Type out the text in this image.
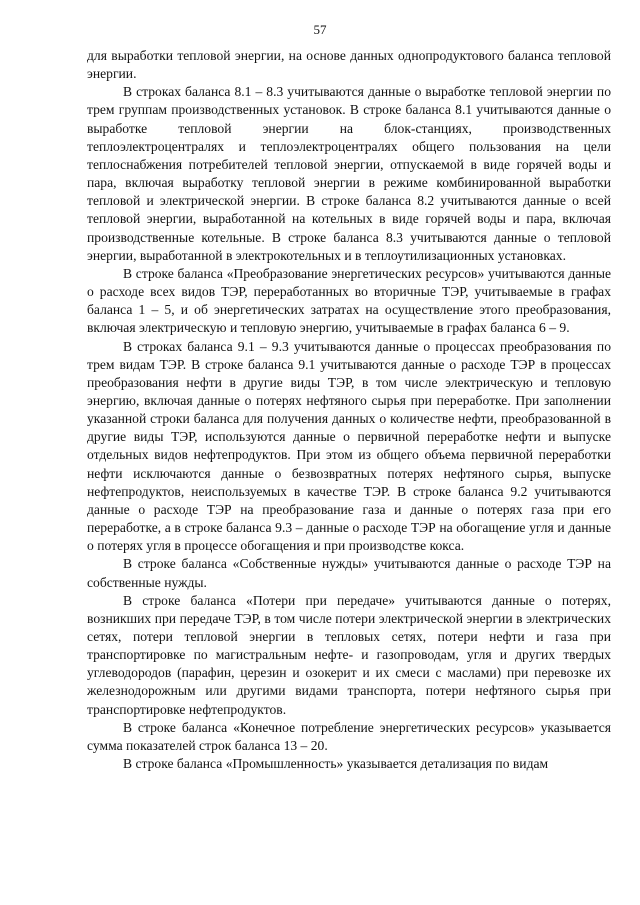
57

для выработки тепловой энергии, на основе данных однопродуктового баланса тепловой энергии.

В строках баланса 8.1 – 8.3 учитываются данные о выработке тепловой энергии по трем группам производственных установок. В строке баланса 8.1 учитываются данные о выработке тепловой энергии на блок-станциях, производственных теплоэлектроцентралях и теплоэлектроцентралях общего пользования на цели теплоснабжения потребителей тепловой энергии, отпускаемой в виде горячей воды и пара, включая выработку тепловой энергии в режиме комбинированной выработки тепловой и электрической энергии. В строке баланса 8.2 учитываются данные о всей тепловой энергии, выработанной на котельных в виде горячей воды и пара, включая производственные котельные. В строке баланса 8.3 учитываются данные о тепловой энергии, выработанной в электрокотельных и в теплоутилизационных установках.

В строке баланса «Преобразование энергетических ресурсов» учитываются данные о расходе всех видов ТЭР, переработанных во вторичные ТЭР, учитываемые в графах баланса 1 – 5, и об энергетических затратах на осуществление этого преобразования, включая электрическую и тепловую энергию, учитываемые в графах баланса 6 – 9.

В строках баланса 9.1 – 9.3 учитываются данные о процессах преобразования по трем видам ТЭР. В строке баланса 9.1 учитываются данные о расходе ТЭР в процессах преобразования нефти в другие виды ТЭР, в том числе электрическую и тепловую энергию, включая данные о потерях нефтяного сырья при переработке. При заполнении указанной строки баланса для получения данных о количестве нефти, преобразованной в другие виды ТЭР, используются данные о первичной переработке нефти и выпуске отдельных видов нефтепродуктов. При этом из общего объема первичной переработки нефти исключаются данные о безвозвратных потерях нефтяного сырья, выпуске нефтепродуктов, неиспользуемых в качестве ТЭР. В строке баланса 9.2 учитываются данные о расходе ТЭР на преобразование газа и данные о потерях газа при его переработке, а в строке баланса 9.3 – данные о расходе ТЭР на обогащение угля и данные о потерях угля в процессе обогащения и при производстве кокса.

В строке баланса «Собственные нужды» учитываются данные о расходе ТЭР на собственные нужды.

В строке баланса «Потери при передаче» учитываются данные о потерях, возникших при передаче ТЭР, в том числе потери электрической энергии в электрических сетях, потери тепловой энергии в тепловых сетях, потери нефти и газа при транспортировке по магистральным нефте- и газопроводам, угля и других твердых углеводородов (парафин, церезин и озокерит и их смеси с маслами) при перевозке их железнодорожным или другими видами транспорта, потери нефтяного сырья при транспортировке нефтепродуктов.

В строке баланса «Конечное потребление энергетических ресурсов» указывается сумма показателей строк баланса 13 – 20.

В строке баланса «Промышленность» указывается детализация по видам
